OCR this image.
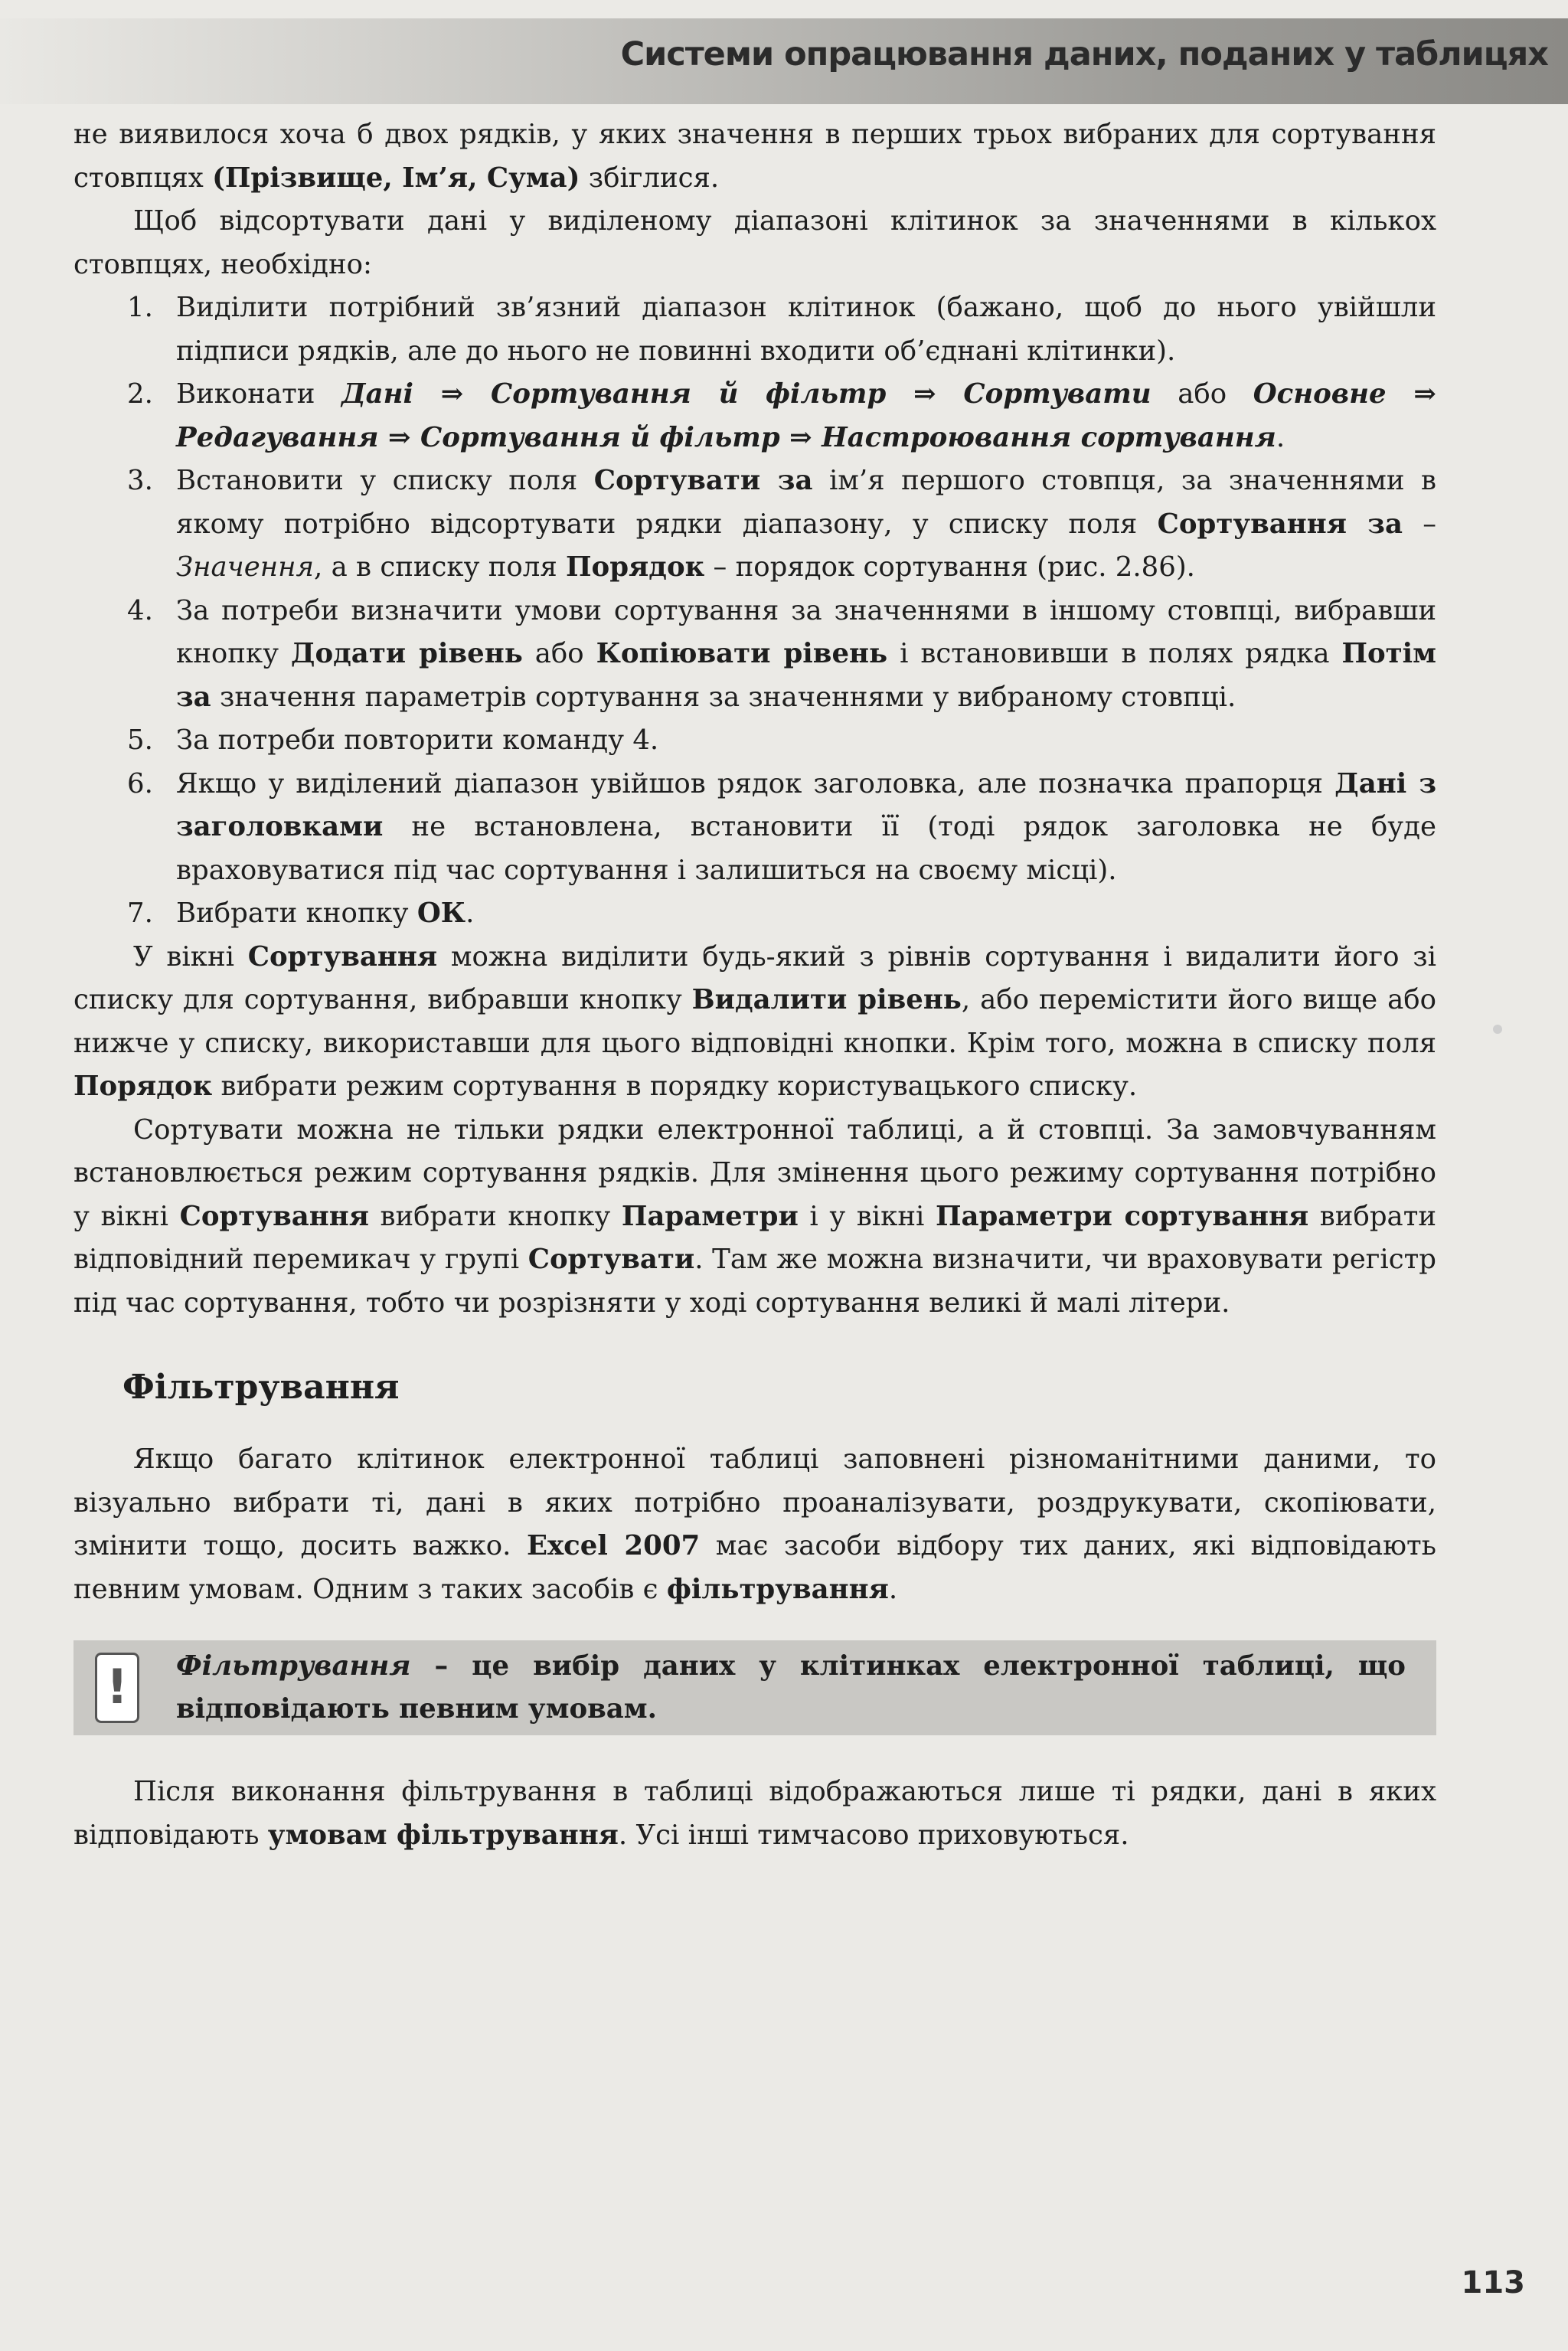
Системи опрацювання даних, поданих у таблицях

не виявилося хоча б двох рядків, у яких значення в перших трьох вибраних для сортування стовпцях (Прізвище, Ім’я, Сума) збіглися.

Щоб відсортувати дані у виділеному діапазоні клітинок за значеннями в кількох стовпцях, необхідно:

1. Виділити потрібний зв’язний діапазон клітинок (бажано, щоб до нього увійшли підписи рядків, але до нього не повинні входити об’єднані клітинки).
2. Виконати Дані ⇒ Сортування й фільтр ⇒ Сортувати або Основне ⇒ Редагування ⇒ Сортування й фільтр ⇒ Настроювання сортування.
3. Встановити у списку поля Сортувати за ім’я першого стовпця, за значеннями в якому потрібно відсортувати рядки діапазону, у списку поля Сортування за – Значення, а в списку поля Порядок – порядок сортування (рис. 2.86).
4. За потреби визначити умови сортування за значеннями в іншому стовпці, вибравши кнопку Додати рівень або Копіювати рівень і встановивши в полях рядка Потім за значення параметрів сортування за значеннями у вибраному стовпці.
5. За потреби повторити команду 4.
6. Якщо у виділений діапазон увійшов рядок заголовка, але позначка прапорця Дані з заголовками не встановлена, встановити її (тоді рядок заголовка не буде враховуватися під час сортування і залишиться на своєму місці).
7. Вибрати кнопку ОК.

У вікні Сортування можна виділити будь-який з рівнів сортування і видалити його зі списку для сортування, вибравши кнопку Видалити рівень, або перемістити його вище або нижче у списку, використавши для цього відповідні кнопки. Крім того, можна в списку поля Порядок вибрати режим сортування в порядку користувацького списку.

Сортувати можна не тільки рядки електронної таблиці, а й стовпці. За замовчуванням встановлюється режим сортування рядків. Для змінення цього режиму сортування потрібно у вікні Сортування вибрати кнопку Параметри і у вікні Параметри сортування вибрати відповідний перемикач у групі Сортувати. Там же можна визначити, чи враховувати регістр під час сортування, тобто чи розрізняти у ході сортування великі й малі літери.

Фільтрування

Якщо багато клітинок електронної таблиці заповнені різноманітними даними, то візуально вибрати ті, дані в яких потрібно проаналізувати, роздрукувати, скопіювати, змінити тощо, досить важко. Excel 2007 має засоби відбору тих даних, які відповідають певним умовам. Одним з таких засобів є фільтрування.

!	Фільтрування – це вибір даних у клітинках електронної таблиці, що відповідають певним умовам.

Після виконання фільтрування в таблиці відображаються лише ті рядки, дані в яких відповідають умовам фільтрування. Усі інші тимчасово приховуються.

113
